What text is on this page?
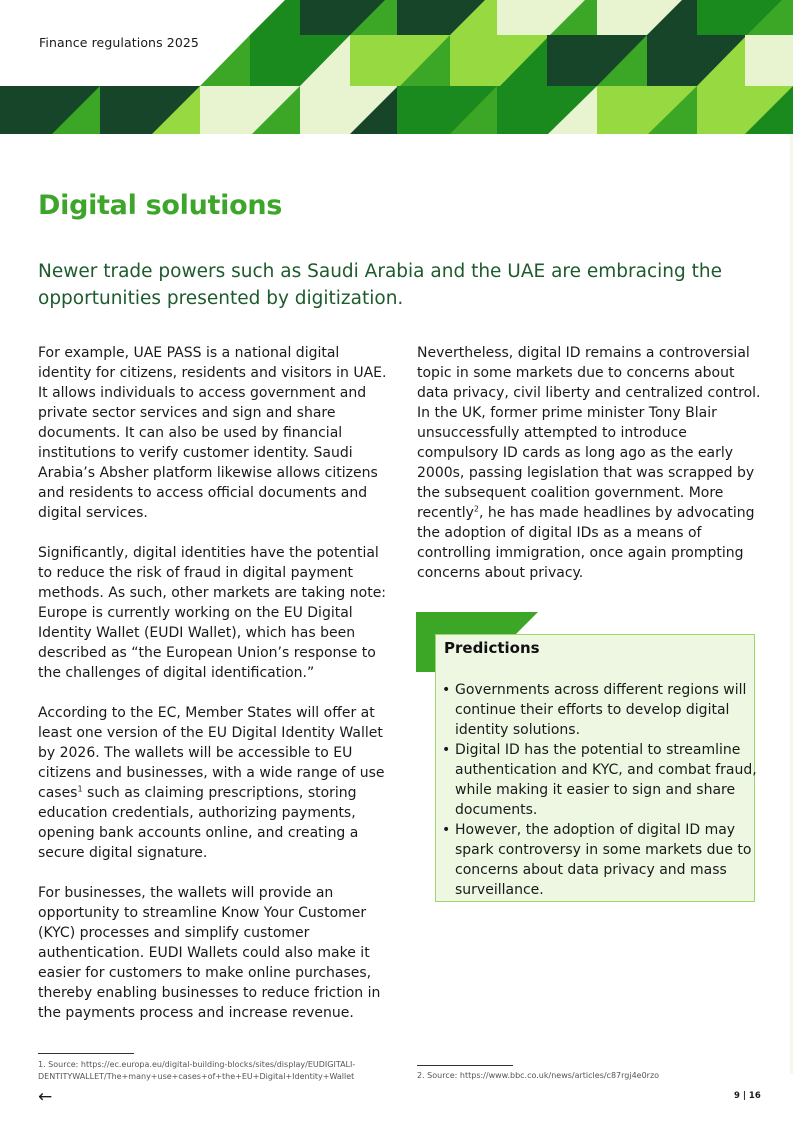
Finance regulations 2025
Digital solutions

Newer trade powers such as Saudi Arabia and the UAE are embracing the opportunities presented by digitization.

For example, UAE PASS is a national digital identity for citizens, residents and visitors in UAE. It allows individuals to access government and private sector services and sign and share documents. It can also be used by financial institutions to verify customer identity. Saudi Arabia’s Absher platform likewise allows citizens and residents to access official documents and digital services.

Significantly, digital identities have the potential to reduce the risk of fraud in digital payment methods. As such, other markets are taking note: Europe is currently working on the EU Digital Identity Wallet (EUDI Wallet), which has been described as “the European Union’s response to the challenges of digital identification.”

According to the EC, Member States will offer at least one version of the EU Digital Identity Wallet by 2026. The wallets will be accessible to EU citizens and businesses, with a wide range of use cases$^1$ such as claiming prescriptions, storing education credentials, authorizing payments, opening bank accounts online, and creating a secure digital signature.

For businesses, the wallets will provide an opportunity to streamline Know Your Customer (KYC) processes and simplify customer authentication. EUDI Wallets could also make it easier for customers to make online purchases, thereby enabling businesses to reduce friction in the payments process and increase revenue.

Nevertheless, digital ID remains a controversial topic in some markets due to concerns about data privacy, civil liberty and centralized control. In the UK, former prime minister Tony Blair unsuccessfully attempted to introduce compulsory ID cards as long ago as the early 2000s, passing legislation that was scrapped by the subsequent coalition government. More recently$^2$, he has made headlines by advocating the adoption of digital IDs as a means of controlling immigration, once again prompting concerns about privacy.

Predictions
• Governments across different regions will continue their efforts to develop digital identity solutions.
• Digital ID has the potential to streamline authentication and KYC, and combat fraud, while making it easier to sign and share documents.
• However, the adoption of digital ID may spark controversy in some markets due to concerns about data privacy and mass surveillance.
1. Source: https://ec.europa.eu/digital-building-blocks/sites/display/EUDIGITALI-DENTITYWALLET/The+many+use+cases+of+the+EU+Digital+Identity+Wallet	2. Source: https://www.bbc.co.uk/news/articles/c87rgj4e0rzo
←	9 | 16
